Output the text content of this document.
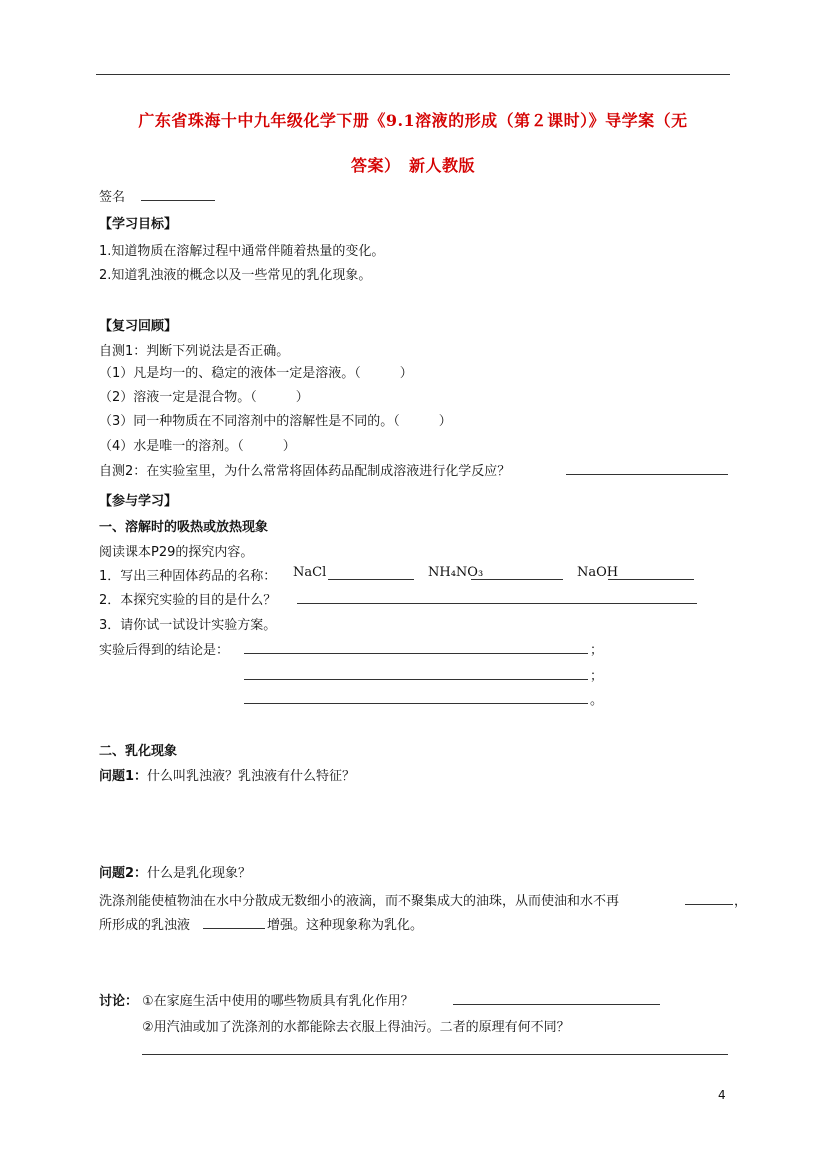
广东省珠海十中九年级化学下册《9.1溶液的形成（第２课时）》导学案（无
答案）　新人教版
签名
【学习目标】
1.知道物质在溶解过程中通常伴随着热量的变化。
2.知道乳浊液的概念以及一些常见的乳化现象。
【复习回顾】
自测1：判断下列说法是否正确。
（1）凡是均一的、稳定的液体一定是溶液。（　　　）
（2）溶液一定是混合物。（　　　）
（3）同一种物质在不同溶剂中的溶解性是不同的。（　　　）
（4）水是唯一的溶剂。（　　　）
自测2：在实验室里，为什么常常将固体药品配制成溶液进行化学反应？
【参与学习】
一、溶解时的吸热或放热现象
阅读课本P29的探究内容。
1．写出三种固体药品的名称： NaCl	NH₄NO₃	NaOH
2．本探究实验的目的是什么？
3．请你试一试设计实验方案。
实验后得到的结论是：	；
；
。
二、乳化现象
问题1：什么叫乳浊液？乳浊液有什么特征？
问题2：什么是乳化现象？
洗涤剂能使植物油在水中分散成无数细小的液滴，而不聚集成大的油珠，从而使油和水不再	，
所形成的乳浊液	增强。这种现象称为乳化。
讨论： ①在家庭生活中使用的哪些物质具有乳化作用？
②用汽油或加了洗涤剂的水都能除去衣服上得油污。二者的原理有何不同？
4
